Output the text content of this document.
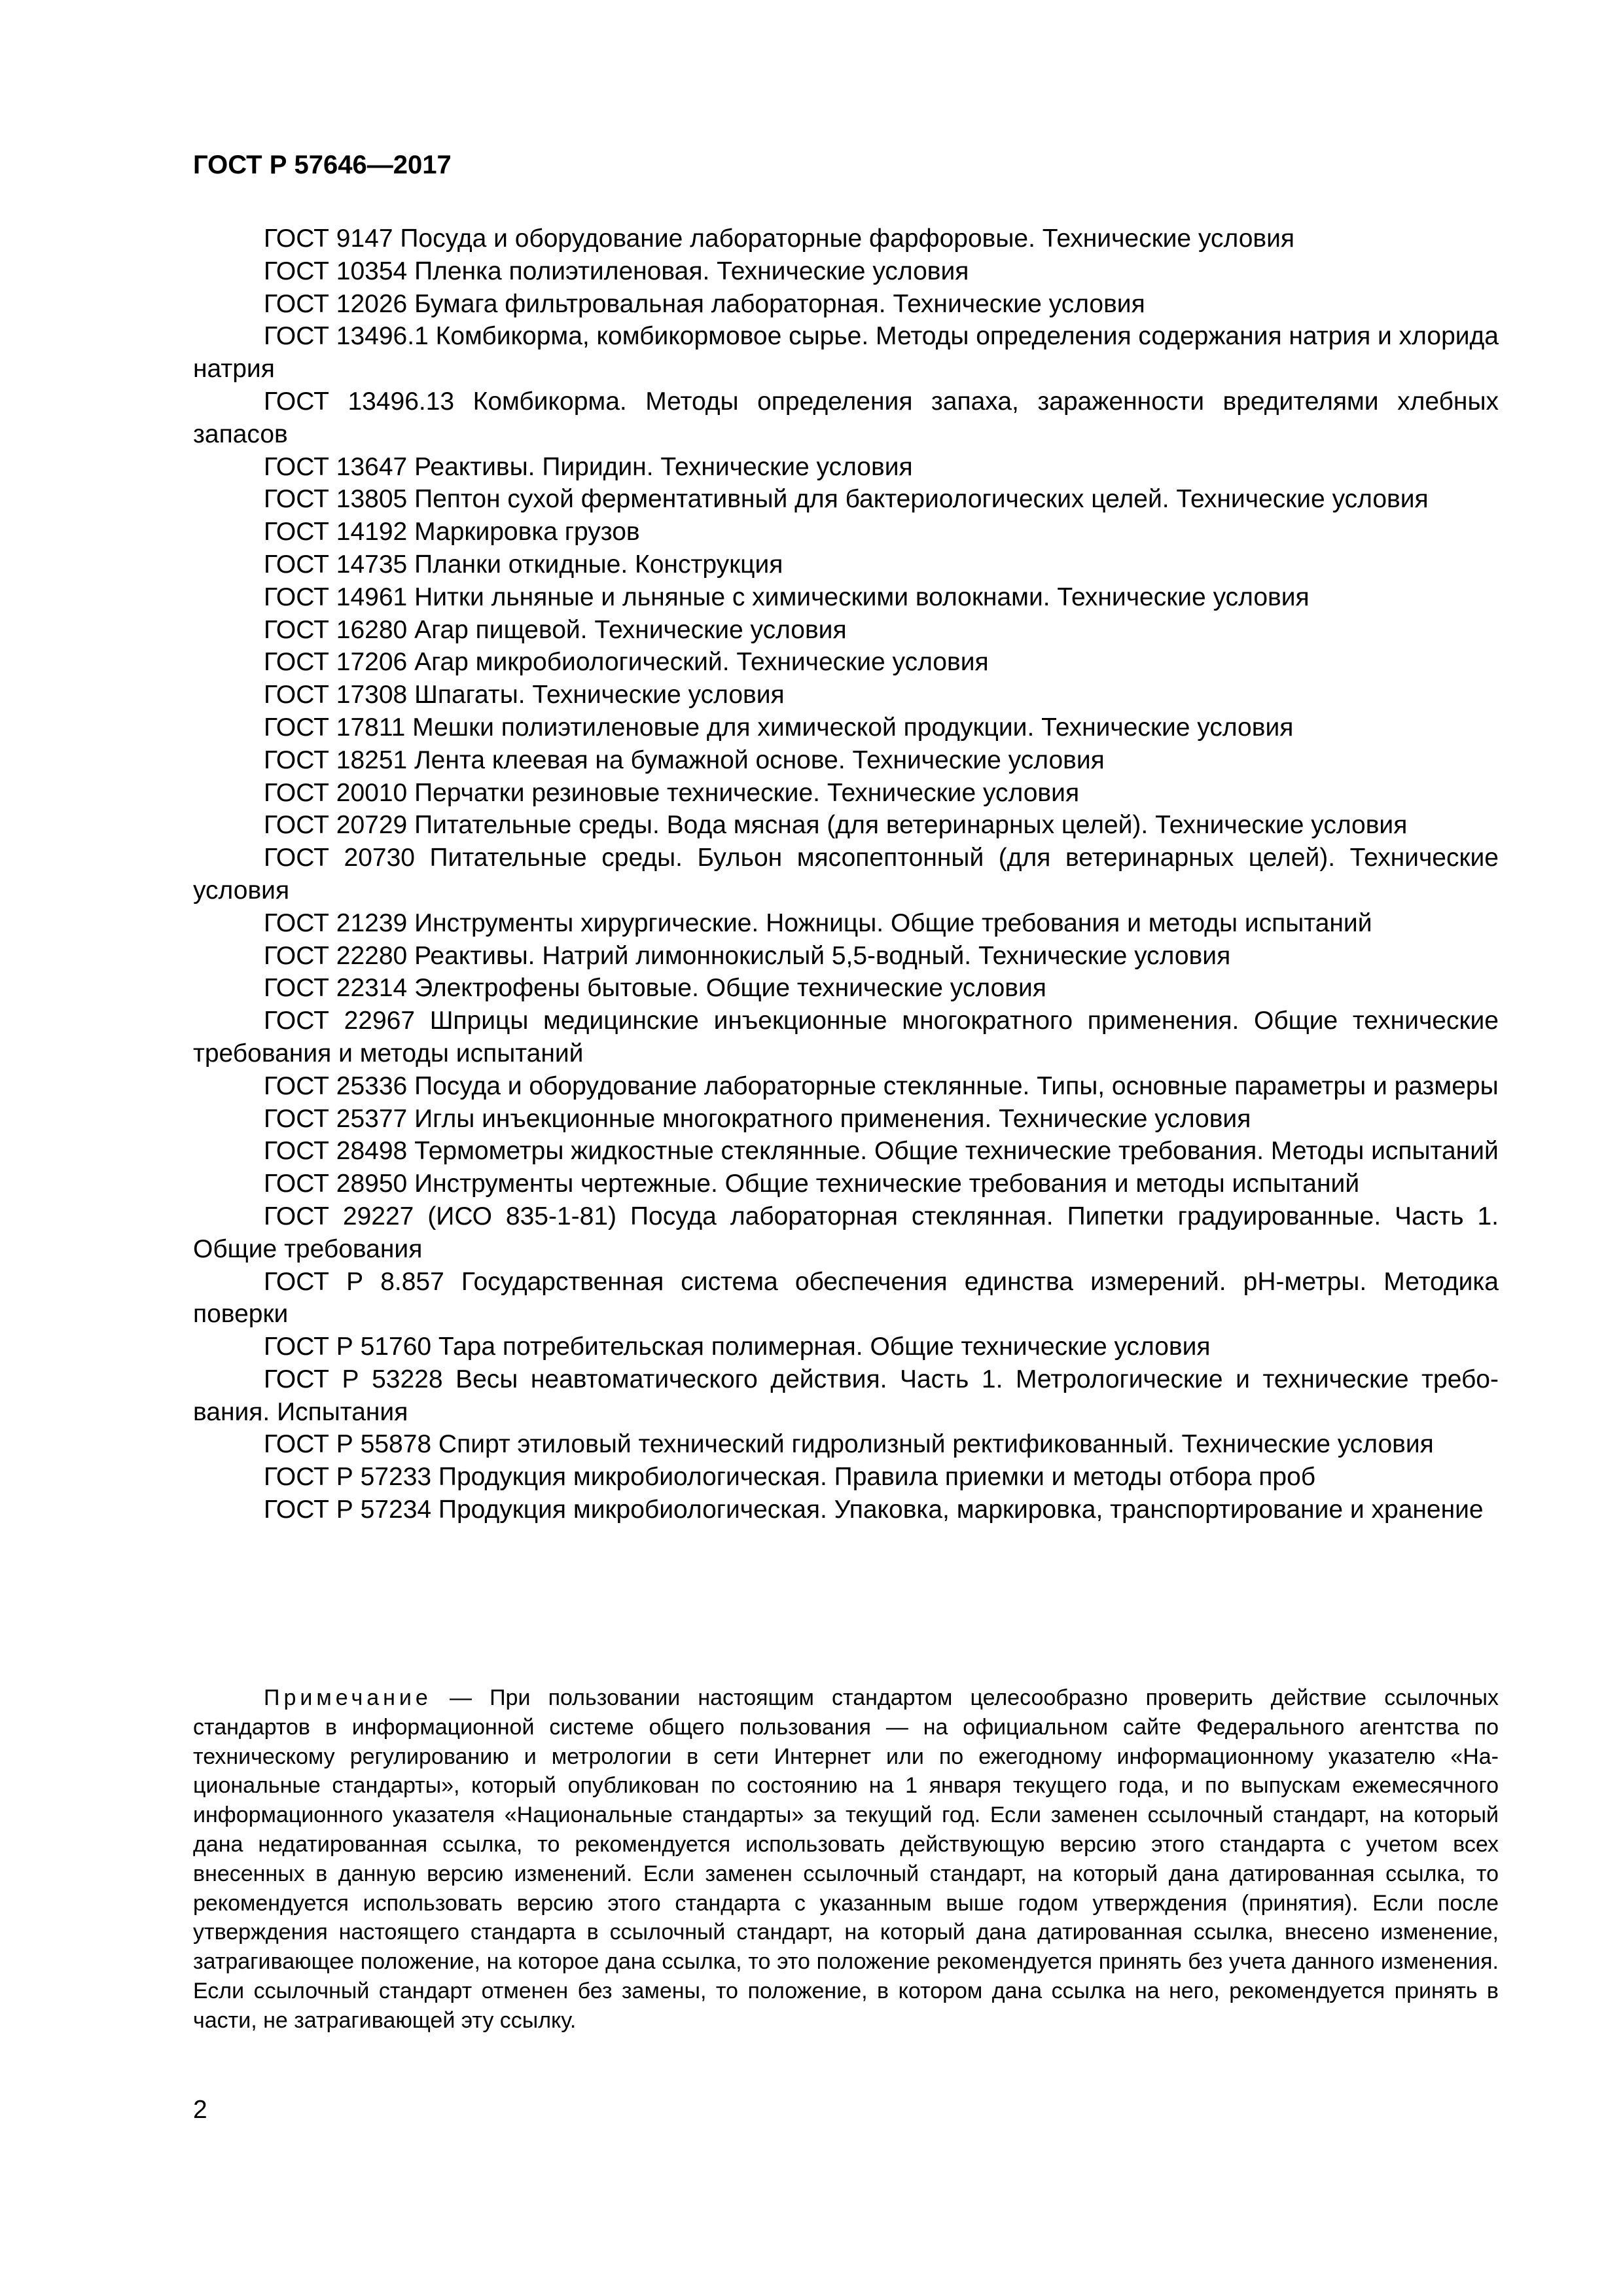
ГОСТ Р 57646—2017
ГОСТ 9147 Посуда и оборудование лабораторные фарфоровые. Технические условия
ГОСТ 10354 Пленка полиэтиленовая. Технические условия
ГОСТ 12026 Бумага фильтровальная лабораторная. Технические условия
ГОСТ 13496.1 Комбикорма, комбикормовое сырье. Методы определения содержания натрия и хлорида натрия
ГОСТ 13496.13 Комбикорма. Методы определения запаха, зараженности вредителями хлебных запасов
ГОСТ 13647 Реактивы. Пиридин. Технические условия
ГОСТ 13805 Пептон сухой ферментативный для бактериологических целей. Технические условия
ГОСТ 14192 Маркировка грузов
ГОСТ 14735 Планки откидные. Конструкция
ГОСТ 14961 Нитки льняные и льняные с химическими волокнами. Технические условия
ГОСТ 16280 Агар пищевой. Технические условия
ГОСТ 17206 Агар микробиологический. Технические условия
ГОСТ 17308 Шпагаты. Технические условия
ГОСТ 17811 Мешки полиэтиленовые для химической продукции. Технические условия
ГОСТ 18251 Лента клеевая на бумажной основе. Технические условия
ГОСТ 20010 Перчатки резиновые технические. Технические условия
ГОСТ 20729 Питательные среды. Вода мясная (для ветеринарных целей). Технические условия
ГОСТ 20730 Питательные среды. Бульон мясопептонный (для ветеринарных целей). Технические условия
ГОСТ 21239 Инструменты хирургические. Ножницы. Общие требования и методы испытаний
ГОСТ 22280 Реактивы. Натрий лимоннокислый 5,5-водный. Технические условия
ГОСТ 22314 Электрофены бытовые. Общие технические условия
ГОСТ 22967 Шприцы медицинские инъекционные многократного применения. Общие технические требования и методы испытаний
ГОСТ 25336 Посуда и оборудование лабораторные стеклянные. Типы, основные параметры и размеры
ГОСТ 25377 Иглы инъекционные многократного применения. Технические условия
ГОСТ 28498 Термометры жидкостные стеклянные. Общие технические требования. Методы испытаний
ГОСТ 28950 Инструменты чертежные. Общие технические требования и методы испытаний
ГОСТ 29227 (ИСО 835-1-81) Посуда лабораторная стеклянная. Пипетки градуированные. Часть 1. Общие требования
ГОСТ Р 8.857 Государственная система обеспечения единства измерений. pH-метры. Методика поверки
ГОСТ Р 51760 Тара потребительская полимерная. Общие технические условия
ГОСТ Р 53228 Весы неавтоматического действия. Часть 1. Метрологические и технические требования. Испытания
ГОСТ Р 55878 Спирт этиловый технический гидролизный ректификованный. Технические условия
ГОСТ Р 57233 Продукция микробиологическая. Правила приемки и методы отбора проб
ГОСТ Р 57234 Продукция микробиологическая. Упаковка, маркировка, транспортирование и хранение

Примечание — При пользовании настоящим стандартом целесообразно проверить действие ссылочных стандартов в информационной системе общего пользования — на официальном сайте Федерального агентства по техническому регулированию и метрологии в сети Интернет или по ежегодному информационному указателю «Национальные стандарты», который опубликован по состоянию на 1 января текущего года, и по выпускам ежемесячного информационного указателя «Национальные стандарты» за текущий год. Если заменен ссылочный стандарт, на который дана недатированная ссылка, то рекомендуется использовать действующую версию этого стандарта с учетом всех внесенных в данную версию изменений. Если заменен ссылочный стандарт, на который дана датированная ссылка, то рекомендуется использовать версию этого стандарта с указанным выше годом утверждения (принятия). Если после утверждения настоящего стандарта в ссылочный стандарт, на который дана датированная ссылка, внесено изменение, затрагивающее положение, на которое дана ссылка, то это положение рекомендуется принять без учета данного изменения. Если ссылочный стандарт отменен без замены, то положение, в котором дана ссылка на него, рекомендуется принять в части, не затрагивающей эту ссылку.

2
